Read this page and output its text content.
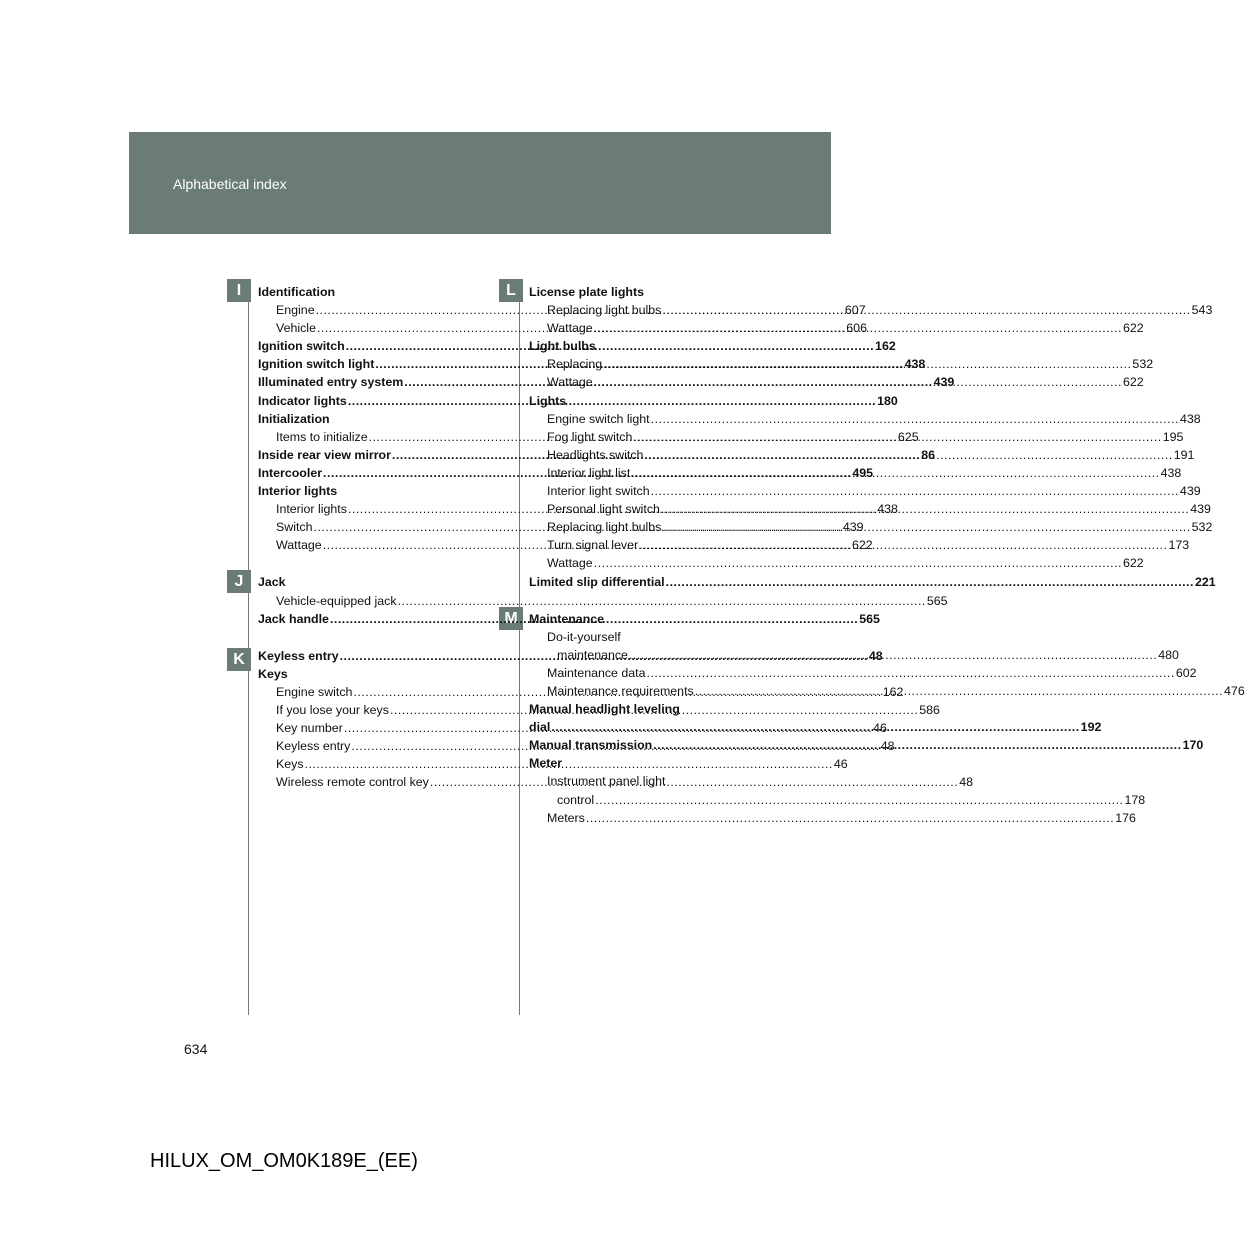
Alphabetical index
I
J
K
L
M
Identification
Engine .....	607
Vehicle .....	606
Ignition switch .....	162
Ignition switch light .....	438
Illuminated entry system .....	439
Indicator lights .....	180
Initialization
Items to initialize .....	625
Inside rear view mirror .....	86
Intercooler .....	495
Interior lights
Interior lights .....	438
Switch .....	439
Wattage .....	622
Jack
Vehicle-equipped jack .....	565
Jack handle .....	565
Keyless entry .....	48
Keys
Engine switch .....	162
If you lose your keys .....	586
Key number .....	46
Keyless entry .....	48
Keys .....	46
Wireless remote control key .....	48
License plate lights
Replacing light bulbs .....	543
Wattage .....	622
Light bulbs
Replacing .....	532
Wattage .....	622
Lights
Engine switch light .....	438
Fog light switch .....	195
Headlights switch .....	191
Interior light list .....	438
Interior light switch .....	439
Personal light switch .....	439
Replacing light bulbs .....	532
Turn signal lever .....	173
Wattage .....	622
Limited slip differential .....	221
Maintenance
Do-it-yourself
maintenance .....	480
Maintenance data .....	602
Maintenance requirements .....	476
Manual headlight leveling
dial .....	192
Manual transmission .....	170
Meter
Instrument panel light
control .....	178
Meters .....	176
634
HILUX_OM_OM0K189E_(EE)
